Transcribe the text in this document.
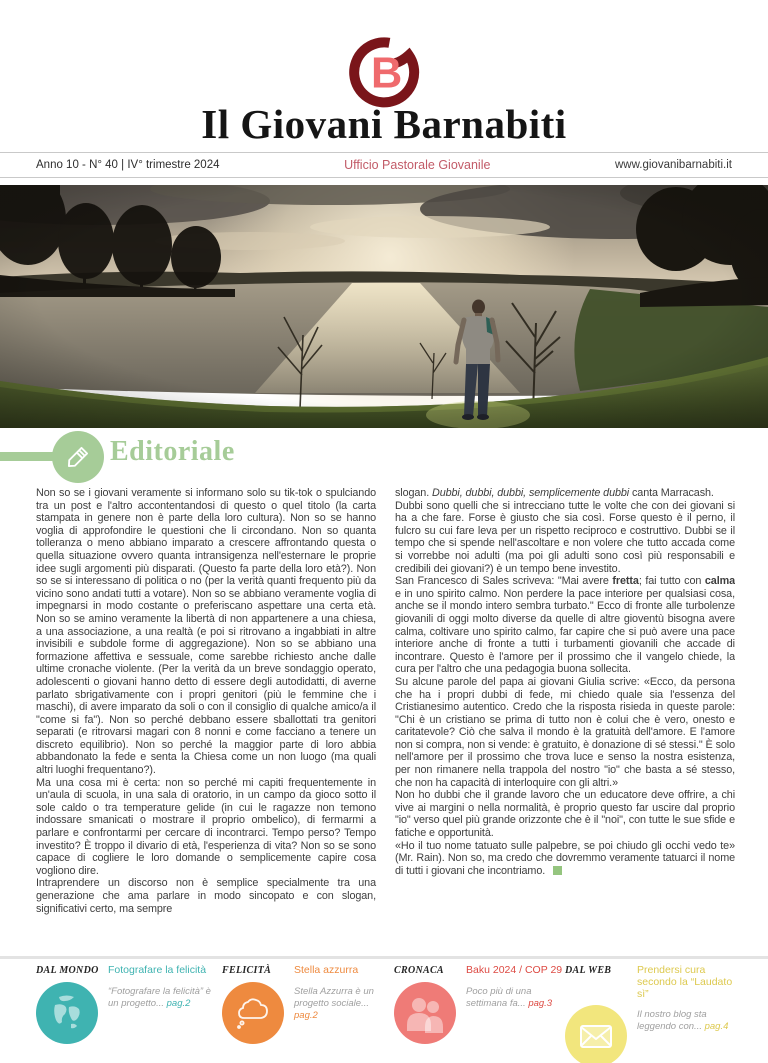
B
Il Giovani Barnabiti
Anno 10 - N° 40 | IV° trimestre 2024	Ufficio Pastorale Giovanile	www.giovanibarnabiti.it
Editoriale

Non so se i giovani veramente si informano solo su tik-tok o spulciando tra un post e l'altro accontentandosi di questo o quel titolo (la carta stampata in genere non è parte della loro cultura). Non so se hanno voglia di approfondire le questioni che li circondano. Non so quanta tolleranza o meno abbiano imparato a crescere affrontando questa o quella situazione ovvero quanta intransigenza nell'esternare le proprie idee sugli argomenti più disparati. (Questo fa parte della loro età?). Non so se si interessano di politica o no (per la verità quanti frequento più da vicino sono andati tutti a votare). Non so se abbiano veramente voglia di impegnarsi in modo costante o preferiscano aspettare una certa età. Non so se amino veramente la libertà di non appartenere a una chiesa, a una associazione, a una realtà (e poi si ritrovano a ingabbiati in altre invisibili e subdole forme di aggregazione). Non so se abbiano una formazione affettiva e sessuale, come sarebbe richiesto anche dalle ultime cronache violente. (Per la verità da un breve sondaggio operato, adolescenti o giovani hanno detto di essere degli autodidatti, di averne parlato sbrigativamente con i propri genitori (più le femmine che i maschi), di avere imparato da soli o con il consiglio di qualche amico/a il "come si fa"). Non so perché debbano essere sballottati tra genitori separati (e ritrovarsi magari con 8 nonni e come facciano a tenere un discreto equilibrio). Non so perché la maggior parte di loro abbia abbandonato la fede e senta la Chiesa come un non luogo (ma quali altri luoghi frequentano?).

Ma una cosa mi è certa: non so perché mi capiti frequentemente in un'aula di scuola, in una sala di oratorio, in un campo da gioco sotto il sole caldo o tra temperature gelide (in cui le ragazze non temono indossare smanicati o mostrare il proprio ombelico), di fermarmi a parlare e confrontarmi per cercare di incontrarci. Tempo perso? Tempo investito? È troppo il divario di età, l'esperienza di vita? Non so se sono capace di cogliere le loro domande o semplicemente capire cosa vogliono dire.

Intraprendere un discorso non è semplice specialmente tra una generazione che ama parlare in modo sincopato e con slogan, significativi certo, ma sempre

slogan. Dubbi, dubbi, dubbi, semplicemente dubbi canta Marracash.

Dubbi sono quelli che si intrecciano tutte le volte che con dei giovani si ha a che fare. Forse è giusto che sia così. Forse questo è il perno, il fulcro su cui fare leva per un rispetto reciproco e costruttivo. Dubbi se il tempo che si spende nell'ascoltare e non volere che tutto accada come si vorrebbe noi adulti (ma poi gli adulti sono così più responsabili e credibili dei giovani?) è un tempo bene investito.

San Francesco di Sales scriveva: "Mai avere fretta; fai tutto con calma e in uno spirito calmo. Non perdere la pace interiore per qualsiasi cosa, anche se il mondo intero sembra turbato." Ecco di fronte alle turbolenze giovanili di oggi molto diverse da quelle di altre gioventù bisogna avere calma, coltivare uno spirito calmo, far capire che si può avere una pace interiore anche di fronte a tutti i turbamenti giovanili che accade di incontrare. Questo è l'amore per il prossimo che il vangelo chiede, la cura per l'altro che una pedagogia buona sollecita.

Su alcune parole del papa ai giovani Giulia scrive: «Ecco, da persona che ha i propri dubbi di fede, mi chiedo quale sia l'essenza del Cristianesimo autentico. Credo che la risposta risieda in queste parole: "Chi è un cristiano se prima di tutto non è colui che è vero, onesto e caritatevole? Ciò che salva il mondo è la gratuità dell'amore. E l'amore non si compra, non si vende: è gratuito, è donazione di sé stessi." È solo nell'amore per il prossimo che trova luce e senso la nostra esistenza, per non rimanere nella trappola del nostro "io" che basta a sé stesso, che non ha capacità di interloquire con gli altri.»

Non ho dubbi che il grande lavoro che un educatore deve offrire, a chi vive ai margini o nella normalità, è proprio questo far uscire dal proprio "io" verso quel più grande orizzonte che è il "noi", con tutte le sue sfide e fatiche e opportunità.

«Ho il tuo nome tatuato sulle palpebre, se poi chiudo gli occhi vedo te» (Mr. Rain). Non so, ma credo che dovremmo veramente tatuarci il nome di tutti i giovani che incontriamo.

DAL MONDO Fotografare la felicità
“Fotografare la felicità” è un progetto... pag.2
FELICITÀ	Stella azzurra
Stella Azzurra è un progetto sociale... pag.2
CRONACA	Baku 2024 / COP 29
Poco più di una settimana fa... pag.3
DAL WEB	Prendersi cura secondo la “Laudato sì”
Il nostro blog sta leggendo con... pag.4
